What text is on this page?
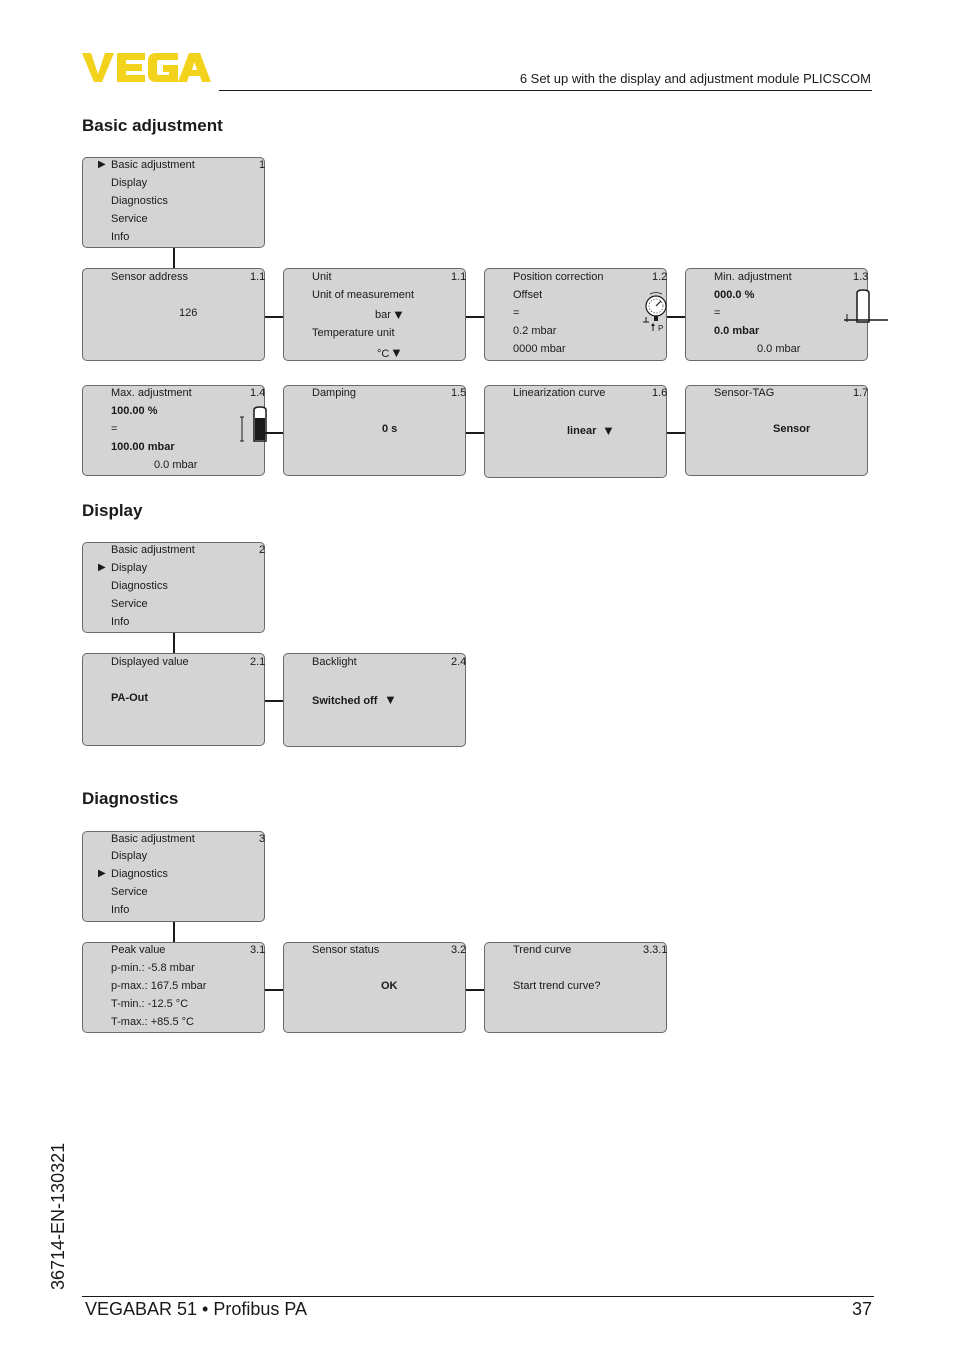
6 Set up with the display and adjustment module PLICSCOM
Basic adjustment
▶ Basic adjustment
Display
Diagnostics
Service
Info
1
Sensor address	1.1
126
Unit	1.1
Unit of measurement
bar ▼
Temperature unit
°C ▼
Position correction	1.2
Offset
=
0.2 mbar
0000 mbar
P
Min. adjustment	1.3
000.0 %
=
0.0 mbar
0.0 mbar
Max. adjustment	1.4
100.00 %
=
100.00 mbar
0.0 mbar
Damping	1.5
0 s
Linearization curve	1.6
linear ▼
Sensor-TAG	1.7
Sensor
Display
Basic adjustment
▶ Display
Diagnostics
Service
Info
2
Displayed value	2.1
PA-Out
Backlight	2.4
Switched off ▼
Diagnostics
Basic adjustment
Display
▶ Diagnostics
Service
Info
3
Peak value	3.1
p-min.: -5.8 mbar
p-max.: 167.5 mbar
T-min.: -12.5 °C
T-max.: +85.5 °C
Sensor status	3.2
OK
Trend curve	3.3.1
Start trend curve?
36714-EN-130321
VEGABAR 51 • Profibus PA	37
